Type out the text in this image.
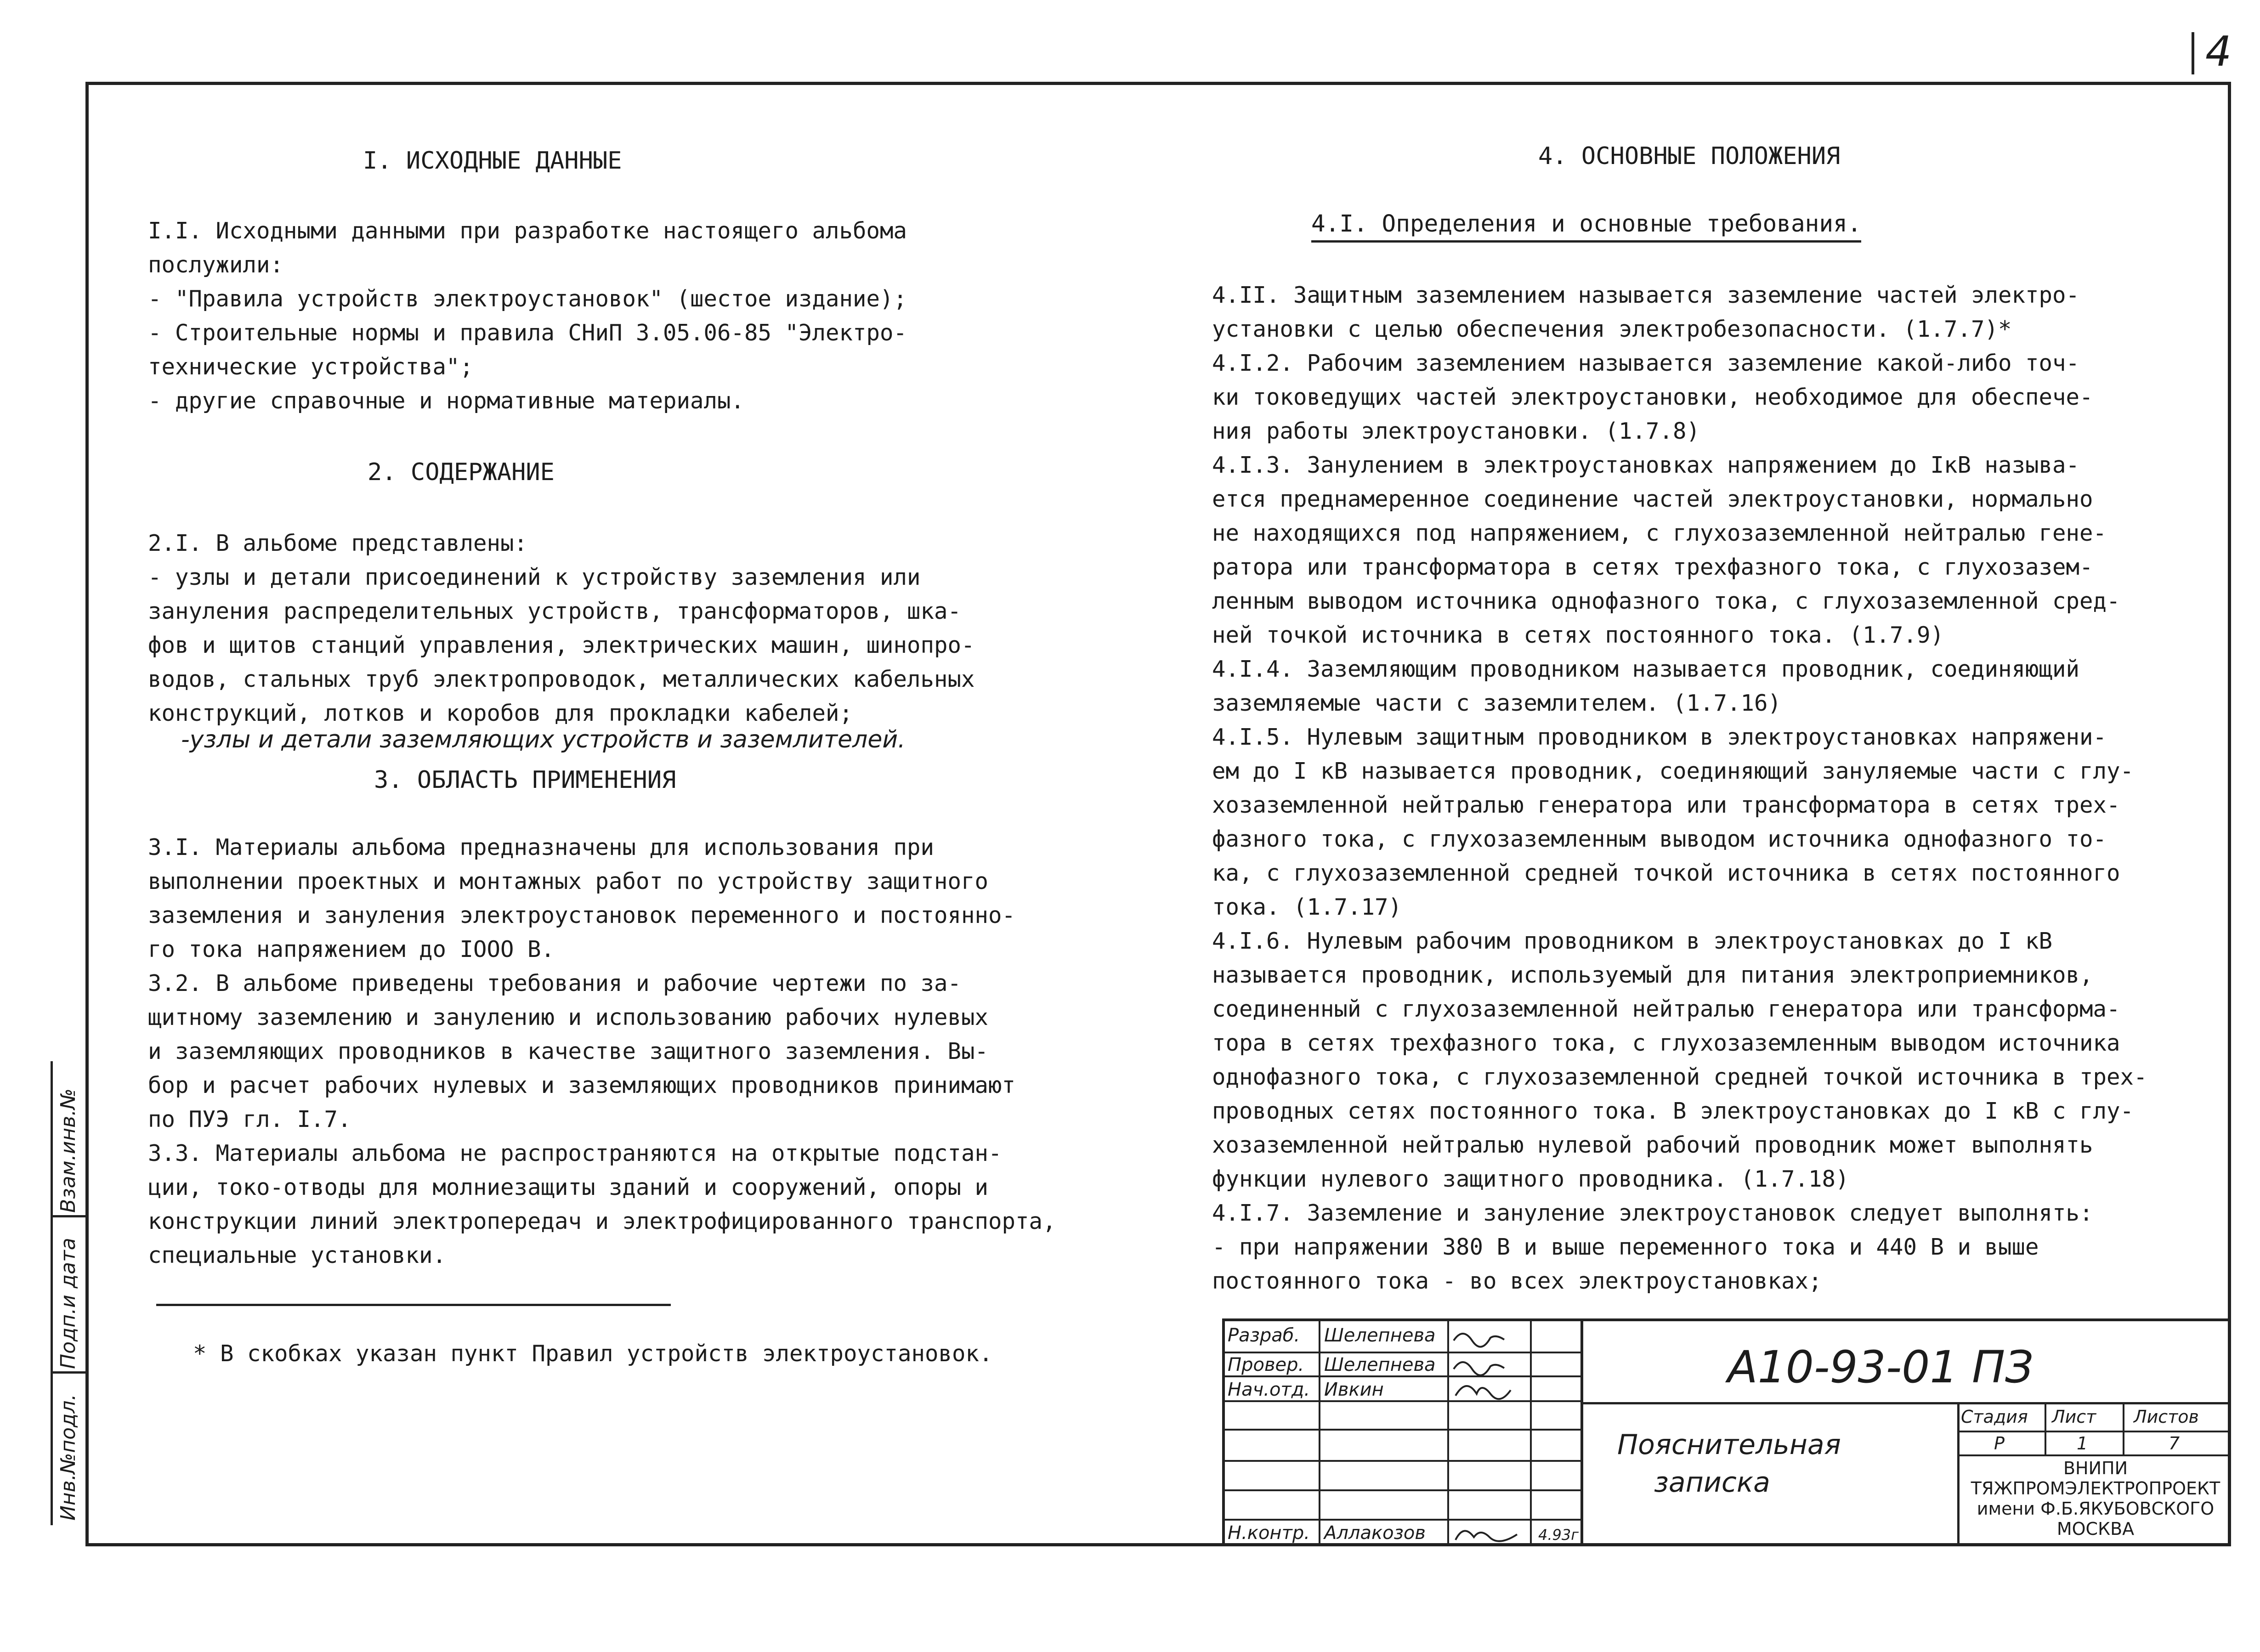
4
I. ИСХОДНЫЕ ДАННЫЕ
I.I. Исходными данными при разработке настоящего альбома
послужили:
- "Правила устройств электроустановок" (шестое издание);
- Строительные нормы и правила СНиП 3.05.06-85 "Электро-
техничеcкие устройства";
- другие справочные и нормативные материалы.
2. СОДЕРЖАНИЕ
2.I. В альбоме представлены:
- узлы и детали присоединений к устройству заземления или
зануления распределительных устройств, трансформаторов, шка-
фов и щитов станций управления, электрических машин, шинопро-
водов, стальных труб электропроводок, металлических кабельных
конструкций, лотков и коробов для прокладки кабелей;
-узлы и детали заземляющих устройств и заземлителей.
3. ОБЛАСТЬ ПРИМЕНЕНИЯ
3.I. Материалы альбома предназначены для использования при
выполнении проектных и монтажных работ по устройству защитного
заземления и зануления электроустановок переменного и постоянно-
го тока напряжением до IOOO В.
3.2. В альбоме приведены требования и рабочие чертежи по за-
щитному заземлению и занулению и использованию рабочих нулевых
и заземляющих проводников в качестве защитного заземления. Вы-
бор и расчет рабочих нулевых и заземляющих проводников принимают
по ПУЭ гл. I.7.
3.3. Материалы альбома не распространяются на открытые подстан-
ции, токо-отводы для молниезащиты зданий и сооружений, опоры и
конструкции линий электропередач и электрофицированного транспорта,
специальные установки.
* В скобках указан пункт Правил устройств электроустановок.
4. ОСНОВНЫЕ ПОЛОЖЕНИЯ
4.I. Определения и основные требования.
4.II. Защитным заземлением называется заземление частей электро-
установки с целью обеспечения электробезопасности. (1.7.7)*
4.I.2. Рабочим заземлением называется заземление какой-либо точ-
ки токоведущих частей электроустановки, необходимое для обеспече-
ния работы электроустановки. (1.7.8)
4.I.3. Занулением в электроустановках напряжением до IкВ называ-
ется преднамеренное соединение частей электроустановки, нормально
не находящихся под напряжением, с глухозаземленной нейтралью гене-
ратора или трансформатора в сетях трехфазного тока, с глухозазем-
ленным выводом источника однофазного тока, с глухозаземленной сред-
ней точкой источника в сетях постоянного тока. (1.7.9)
4.I.4. Заземляющим проводником называется проводник, соединяющий
заземляемые части с заземлителем. (1.7.16)
4.I.5. Нулевым защитным проводником в электроустановках напряжени-
ем до I кВ называется проводник, соединяющий зануляемые части с глу-
хозаземленной нейтралью генератора или трансформатора в сетях трех-
фазного тока, с глухозаземленным выводом источника однофазного то-
ка, с глухозаземленной средней точкой источника в сетях постоянного
тока. (1.7.17)
4.I.6. Нулевым рабочим проводником в электроустановках до I кВ
называется проводник, используемый для питания электроприемников,
соединенный с глухозаземленной нейтралью генератора или трансформа-
тора в сетях трехфазного тока, с глухозаземленным выводом источника
однофазного тока, с глухозаземленной средней точкой источника в трех-
проводных сетях постоянного тока. В электроустановках до I кВ с глу-
хозаземленной нейтралью нулевой рабочий проводник может выполнять
функции нулевого защитного проводника. (1.7.18)
4.I.7. Заземление и зануление электроустановок следует выполнять:
- при напряжении 380 В и выше переменного тока и 440 В и выше
постоянного тока - во всех электроустановках;
Взам.инв.№
Подп.и дата
Инв.№подл.
Разраб. Шелепнева
Провер. Шелепнева
Нач.отд. Ивкин
Н.контр. Аллакозов	4.93г
А10-93-01 ПЗ
Пояснительная
записка
Стадия Лист Листов
Р	1	7
ВНИПИ
ТЯЖПРОМЭЛЕКТРОПРОЕКТ
имени Ф.Б.ЯКУБОВСКОГО
МОСКВА
